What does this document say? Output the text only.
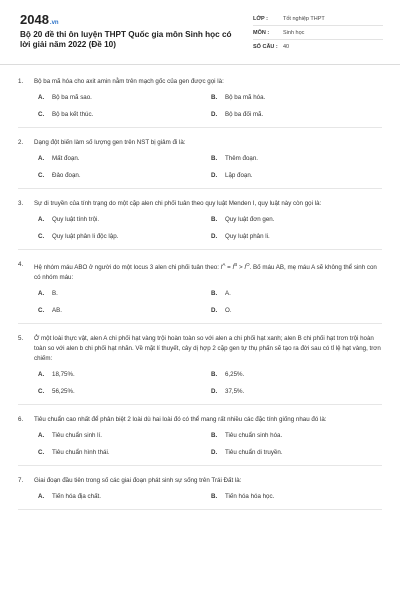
2048.vn
Bộ 20 đề thi ôn luyện THPT Quốc gia môn Sinh học có lời giải năm 2022 (Đề 10)
LỚP :	Tốt nghiệp THPT
MÔN :	Sinh học
SỐ CÂU : 40
1.	Bộ ba mã hóa cho axit amin nằm trên mạch gốc của gen được gọi là:
A.	Bộ ba mã sao.	B.	Bộ ba mã hóa.
C.	Bộ ba kết thúc.	D.	Bộ ba đối mã.
2.	Dạng đột biến làm số lượng gen trên NST bị giảm đi là:
A.	Mất đoạn.	B.	Thêm đoạn.
C.	Đảo đoạn.	D.	Lặp đoạn.
3.	Sự di truyền của tính trạng do một cặp alen chi phối tuân theo quy luật Menden I, quy luật này còn gọi là:
A.	Quy luật tính trội.	B.	Quy luật đơn gen.
C.	Quy luật phân li độc lập.	D.	Quy luật phân li.
4.	Hệ nhóm máu ABO ở người do một locus 3 alen chi phối tuân theo: $I^A = I^B > I^O$. Bố máu AB, mẹ máu A sẽ không thể sinh con có nhóm máu:
A.	B.	B.	A.
C.	AB.	D.	O.
5.	Ở một loài thực vật, alen A chi phối hạt vàng trội hoàn toàn so với alen a chi phối hạt xanh; alen B chi phối hạt trơn trội hoàn toàn so với alen b chi phối hạt nhăn. Về mặt lí thuyết, cây dị hợp 2 cặp gen tự thụ phấn sẽ tạo ra đời sau có tỉ lệ hạt vàng, trơn chiếm:
A.	18,75%.	B.	6,25%.
C.	56,25%.	D.	37,5%.
6.	Tiêu chuẩn cao nhất để phân biệt 2 loài dù hai loài đó có thể mang rất nhiều các đặc tính giống nhau đó là:
A.	Tiêu chuẩn sinh lí.	B.	Tiêu chuẩn sinh hóa.
C.	Tiêu chuẩn hình thái.	D.	Tiêu chuẩn di truyền.
7.	Giai đoạn đầu tiên trong số các giai đoạn phát sinh sự sống trên Trái Đất là:
A.	Tiến hóa địa chất.	B.	Tiến hóa hóa học.
